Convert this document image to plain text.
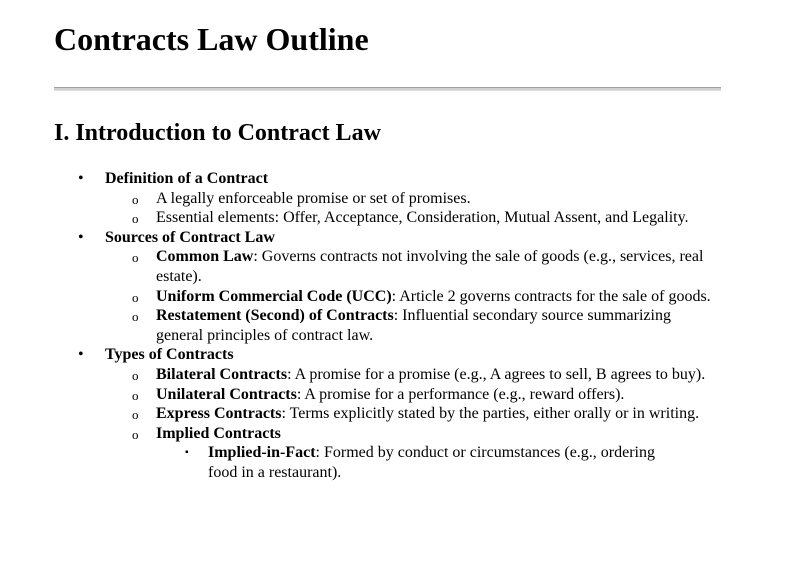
Contracts Law Outline
I. Introduction to Contract Law
• Definition of a Contract
o A legally enforceable promise or set of promises.
o Essential elements: Offer, Acceptance, Consideration, Mutual Assent, and Legality.
• Sources of Contract Law
o Common Law: Governs contracts not involving the sale of goods (e.g., services, real estate).
o Uniform Commercial Code (UCC): Article 2 governs contracts for the sale of goods.
o Restatement (Second) of Contracts: Influential secondary source summarizing general principles of contract law.
• Types of Contracts
o Bilateral Contracts: A promise for a promise (e.g., A agrees to sell, B agrees to buy).
o Unilateral Contracts: A promise for a performance (e.g., reward offers).
o Express Contracts: Terms explicitly stated by the parties, either orally or in writing.
o Implied Contracts
▪ Implied-in-Fact: Formed by conduct or circumstances (e.g., ordering food in a restaurant).
